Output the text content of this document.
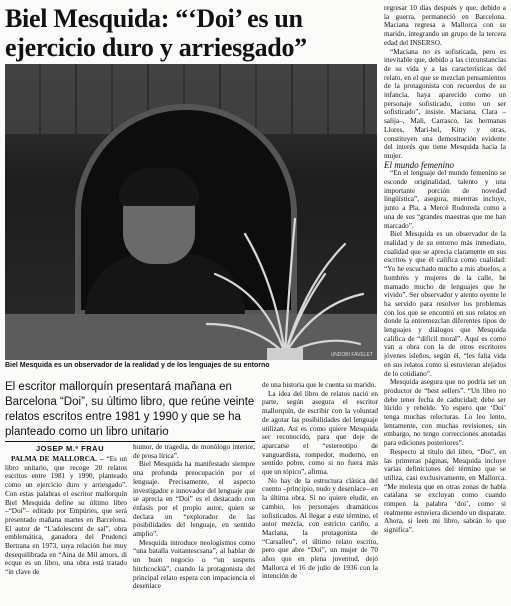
Biel Mesquida: “‘Doi’ es un ejercicio duro y arriesgado”
UNDOBI FAVELET
Biel Mesquida es un observador de la realidad y de los lenguajes de su entorno
El escritor mallorquín presentará mañana en Barcelona “Doi”, su último libro, que reúne veinte relatos escritos entre 1981 y 1990 y que se ha planteado como un libro unitario
JOSEP M.ª FRAU

PALMA DE MALLORCA. – “Es un libro unitario, que recoge 20 relatos escritos entre 1981 y 1990, planteado como un ejercicio duro y arriesgado”. Con estas palabras el escritor mallorquín Biel Mesquida define su último libro –“Doi”– editado por Empúries, que será presentado mañana martes en Barcelona. El autor de “L'adolescent de sal”, obra emblemática, ganadora del Prudenci Bertrana en 1973, suya relación fue muy desequilibrada en “Aina de Mil amors, di ecque es un libro, una obra está tratado “in clave de

humor, de tragedia, de monólogo interior, de prosa lírica”.

Biel Mesquida ha manifestado siempre una profunda preocupación por el lenguaje. Precisamente, el aspecto investigador e innovador del lenguaje que se aprecia en “Doi” es el destacado con énfasis por el propio autor, quien se declara un “explorador de las posibilidades del lenguaje, en sentido amplio”.

Mesquida introduce neologismos como “una batalla vuitantescsana”, al hablar de un buen negocio o “un suspens hitchcockià”, cuando la protagonista del principal relato espera con impaciencia el desenlace

de una historia que le cuenta su marido.

La idea del libro de relatos nació en parte, según asegura el escritor mallorquín, de escribir con la voluntad de agotar las posibilidades del lenguaje utilizan. Así es como quiere Mesquida ser reconocido, para que deje de aparcarse el “estereotipo de vanguardista, rompedor, moderno, en sentido pobre, como si no fuera más que un tópico”, afirma.

No hay de la estructura clásica del cuento –principio, nudo y desenlace– en la última obra. Si no quiere eludir, en cambio, los personajes dramáticos sofisticados. Al llegar a este término, el autor mezcla, con estricto cariño, a Maciana, la protagonista de “Carsalleu”, el último relato escrito, pero que abre “Doi”, un mujer de 70 años que en plena juventud, dejó Mallorca el 16 de julio de 1936 con la intención de

regresar 10 días después y que, debido a la guerra, permaneció en Barcelona. Maciana regresa a Mallorca con su marido, integrando un grupo de la tercera edad del INSERSO.

“Maciana no es sofisticada, pero es inevitable que, debido a las circunstancias de su vida y a las características del relato, en el que se mezclan pensamientos de la protagonista con recuerdos de su infancia, haya aparecido como un personaje sofisticado, como un ser sofisticado”, insiste. Maciana, Clara –salija–, Mali, Carrasco, las hermanas Llores, Mari-bel, Kitty y otras, constituyen una demostración evidente del interés que tiene Mesquida hacia la mujer.

El mundo femenino

“En el lenguaje del mundo femenino se esconde originalidad, talento y una importante porción de novedad lingüística”, asegura, mientras incluye, junto a Pla, a Mercè Rodoreda como a una de sus “grandes maestras que me han marcado”.

Biel Mesquida es un observador de la realidad y de su entorno más inmediato, cualidad que se aprecia claramente en sus escritos y que él califica como cualidad: “Yo he escuchado mucho a mis abuelos, a hombres y mujeres de la calle, he mamado mucho de lenguajes que he vivido”. Ser observador y atento oyente le ha servido para resolver los problemas con los que se encontró en sus relatos en donde la entremezclan diferentes tipos de lenguajes y diálogos que Mesquida califica de “difícil moral”. Aquí es como van a obra con la de otros escritores jóvenes isleños, según él, “les falta vida en sus relatos como si estuvieran alejados de lo cotidiano”.

Mesquida asegura que no podría ser un productor de “best sellers”. “Un libro no debe tener fecha de caducidad; debe ser lúcido y rebelde. Yo espero que ‘Doi’ tenga muchas relecturas. Lo leo lento, lentamente, con muchas revisiones, sin embargo, no tengo correcciones anotadas para ediciones posteriores”.

Respecto al título del libro, “Doi”, en las primeras páginas, Mesquida incluye varias definiciones del término que se utiliza, casi exclusivamente, en Mallorca. “Me molesta que en otras zonas de habla catalana se excluyan como cuando rompen la palabra ‘doi’, como si realmente estuviera diciendo un disparate. Ahora, si leen mi libro, sabrán lo que significa”.
